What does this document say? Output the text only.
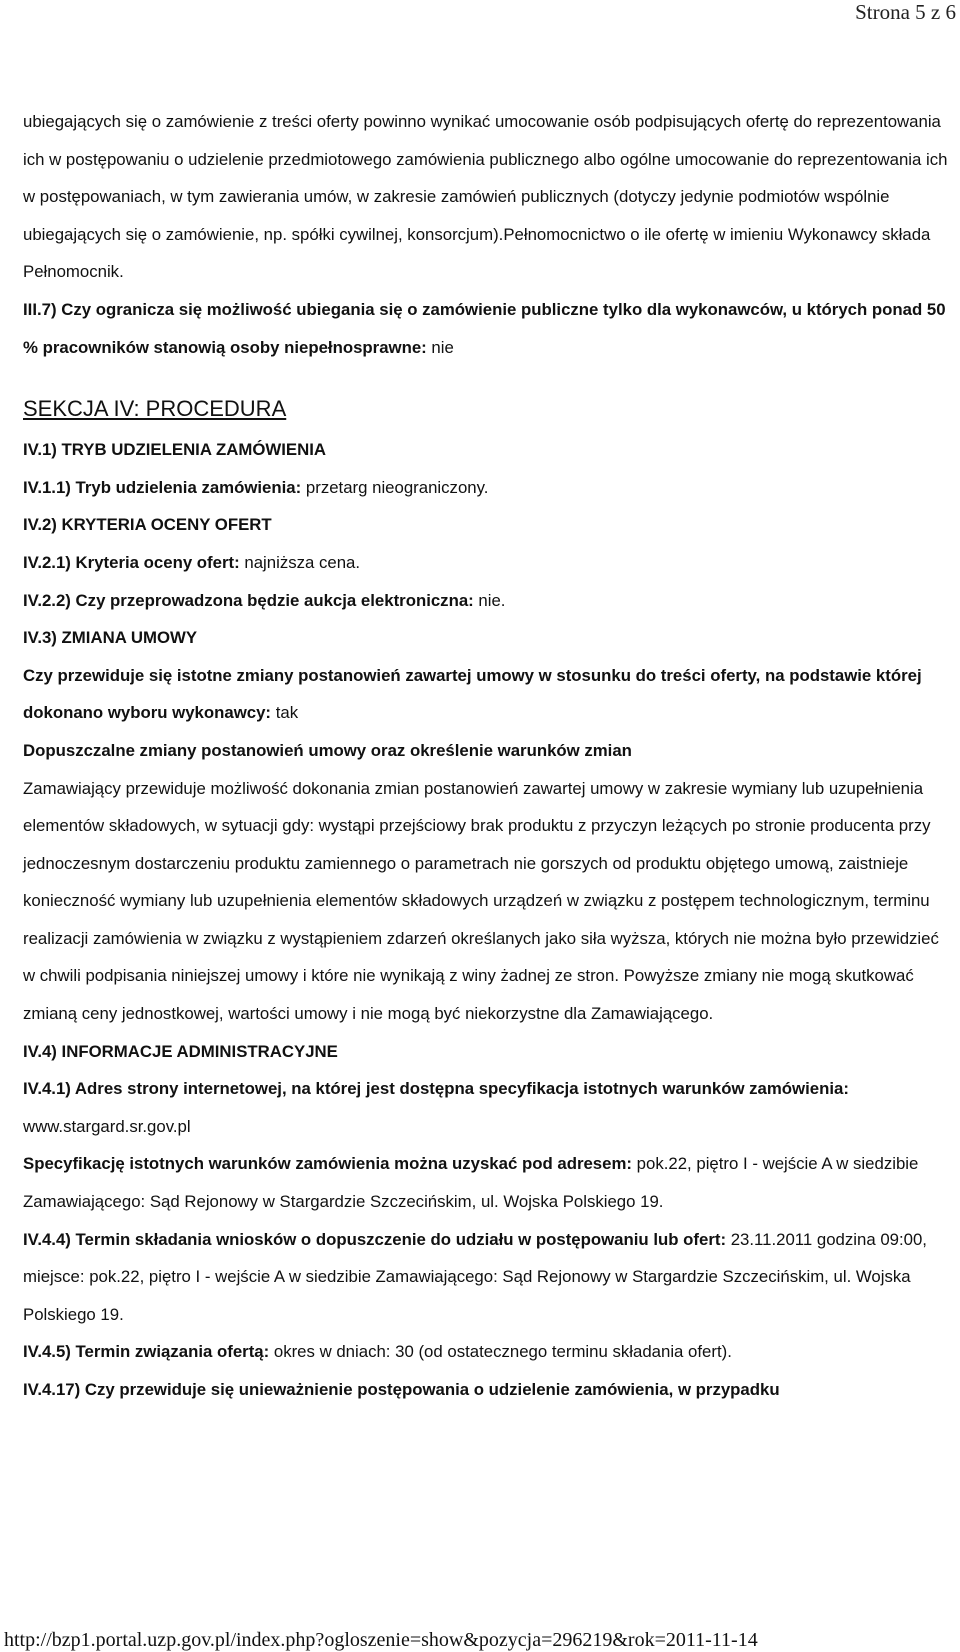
Strona 5 z 6

ubiegających się o zamówienie z treści oferty powinno wynikać umocowanie osób podpisujących ofertę do reprezentowania ich w postępowaniu o udzielenie przedmiotowego zamówienia publicznego albo ogólne umocowanie do reprezentowania ich w postępowaniach, w tym zawierania umów, w zakresie zamówień publicznych (dotyczy jedynie podmiotów wspólnie ubiegających się o zamówienie, np. spółki cywilnej, konsorcjum).Pełnomocnictwo o ile ofertę w imieniu Wykonawcy składa Pełnomocnik.

III.7) Czy ogranicza się możliwość ubiegania się o zamówienie publiczne tylko dla wykonawców, u których ponad 50 % pracowników stanowią osoby niepełnosprawne: nie

SEKCJA IV: PROCEDURA

IV.1) TRYB UDZIELENIA ZAMÓWIENIA

IV.1.1) Tryb udzielenia zamówienia: przetarg nieograniczony.

IV.2) KRYTERIA OCENY OFERT

IV.2.1) Kryteria oceny ofert: najniższa cena.

IV.2.2) Czy przeprowadzona będzie aukcja elektroniczna: nie.

IV.3) ZMIANA UMOWY

Czy przewiduje się istotne zmiany postanowień zawartej umowy w stosunku do treści oferty, na podstawie której dokonano wyboru wykonawcy: tak

Dopuszczalne zmiany postanowień umowy oraz określenie warunków zmian

Zamawiający przewiduje możliwość dokonania zmian postanowień zawartej umowy w zakresie wymiany lub uzupełnienia elementów składowych, w sytuacji gdy: wystąpi przejściowy brak produktu z przyczyn leżących po stronie producenta przy jednoczesnym dostarczeniu produktu zamiennego o parametrach nie gorszych od produktu objętego umową, zaistnieje konieczność wymiany lub uzupełnienia elementów składowych urządzeń w związku z postępem technologicznym, terminu realizacji zamówienia w związku z wystąpieniem zdarzeń określanych jako siła wyższa, których nie można było przewidzieć w chwili podpisania niniejszej umowy i które nie wynikają z winy żadnej ze stron. Powyższe zmiany nie mogą skutkować zmianą ceny jednostkowej, wartości umowy i nie mogą być niekorzystne dla Zamawiającego.

IV.4) INFORMACJE ADMINISTRACYJNE

IV.4.1) Adres strony internetowej, na której jest dostępna specyfikacja istotnych warunków zamówienia: www.stargard.sr.gov.pl

Specyfikację istotnych warunków zamówienia można uzyskać pod adresem: pok.22, piętro I - wejście A w siedzibie Zamawiającego: Sąd Rejonowy w Stargardzie Szczecińskim, ul. Wojska Polskiego 19.

IV.4.4) Termin składania wniosków o dopuszczenie do udziału w postępowaniu lub ofert: 23.11.2011 godzina 09:00, miejsce: pok.22, piętro I - wejście A w siedzibie Zamawiającego: Sąd Rejonowy w Stargardzie Szczecińskim, ul. Wojska Polskiego 19.

IV.4.5) Termin związania ofertą: okres w dniach: 30 (od ostatecznego terminu składania ofert).

IV.4.17) Czy przewiduje się unieważnienie postępowania o udzielenie zamówienia, w przypadku

http://bzp1.portal.uzp.gov.pl/index.php?ogloszenie=show&pozycja=296219&rok=2011-11-14
